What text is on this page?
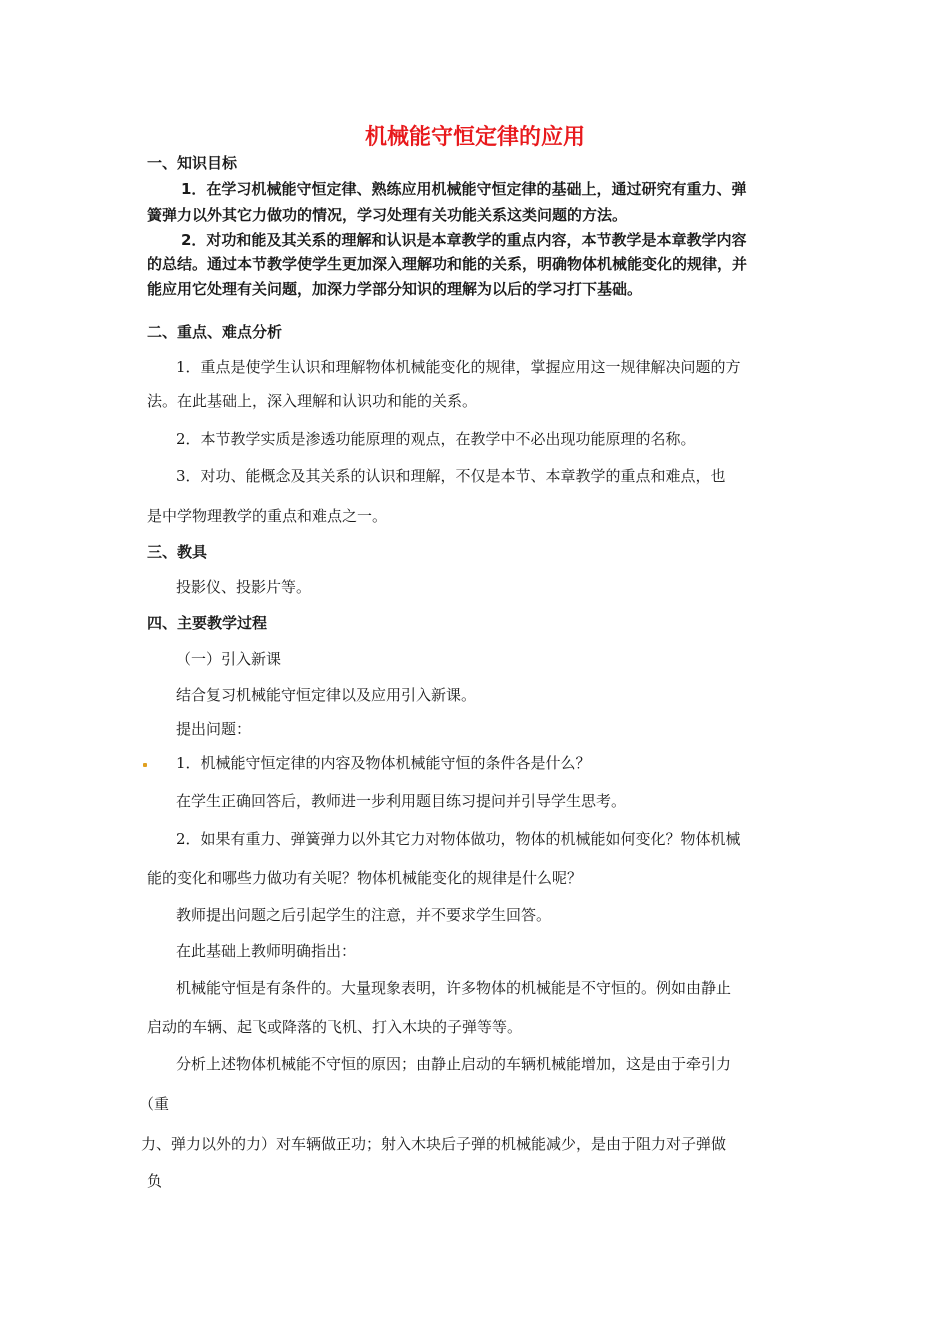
机械能守恒定律的应用
一、知识目标
1．在学习机械能守恒定律、熟练应用机械能守恒定律的基础上，通过研究有重力、弹
簧弹力以外其它力做功的情况，学习处理有关功能关系这类问题的方法。
2．对功和能及其关系的理解和认识是本章教学的重点内容，本节教学是本章教学内容
的总结。通过本节教学使学生更加深入理解功和能的关系，明确物体机械能变化的规律，并
能应用它处理有关问题，加深力学部分知识的理解为以后的学习打下基础。
二、重点、难点分析
1．重点是使学生认识和理解物体机械能变化的规律，掌握应用这一规律解决问题的方
法。在此基础上，深入理解和认识功和能的关系。
2．本节教学实质是渗透功能原理的观点，在教学中不必出现功能原理的名称。
3．对功、能概念及其关系的认识和理解，不仅是本节、本章教学的重点和难点，也
是中学物理教学的重点和难点之一。
三、教具
投影仪、投影片等。
四、主要教学过程
（一）引入新课
结合复习机械能守恒定律以及应用引入新课。
提出问题：
1．机械能守恒定律的内容及物体机械能守恒的条件各是什么？
在学生正确回答后，教师进一步利用题目练习提问并引导学生思考。
2．如果有重力、弹簧弹力以外其它力对物体做功，物体的机械能如何变化？物体机械
能的变化和哪些力做功有关呢？物体机械能变化的规律是什么呢？
教师提出问题之后引起学生的注意，并不要求学生回答。
在此基础上教师明确指出：
机械能守恒是有条件的。大量现象表明，许多物体的机械能是不守恒的。例如由静止
启动的车辆、起飞或降落的飞机、打入木块的子弹等等。
分析上述物体机械能不守恒的原因；由静止启动的车辆机械能增加，这是由于牵引力
（重
力、弹力以外的力）对车辆做正功；射入木块后子弹的机械能减少，是由于阻力对子弹做
负
